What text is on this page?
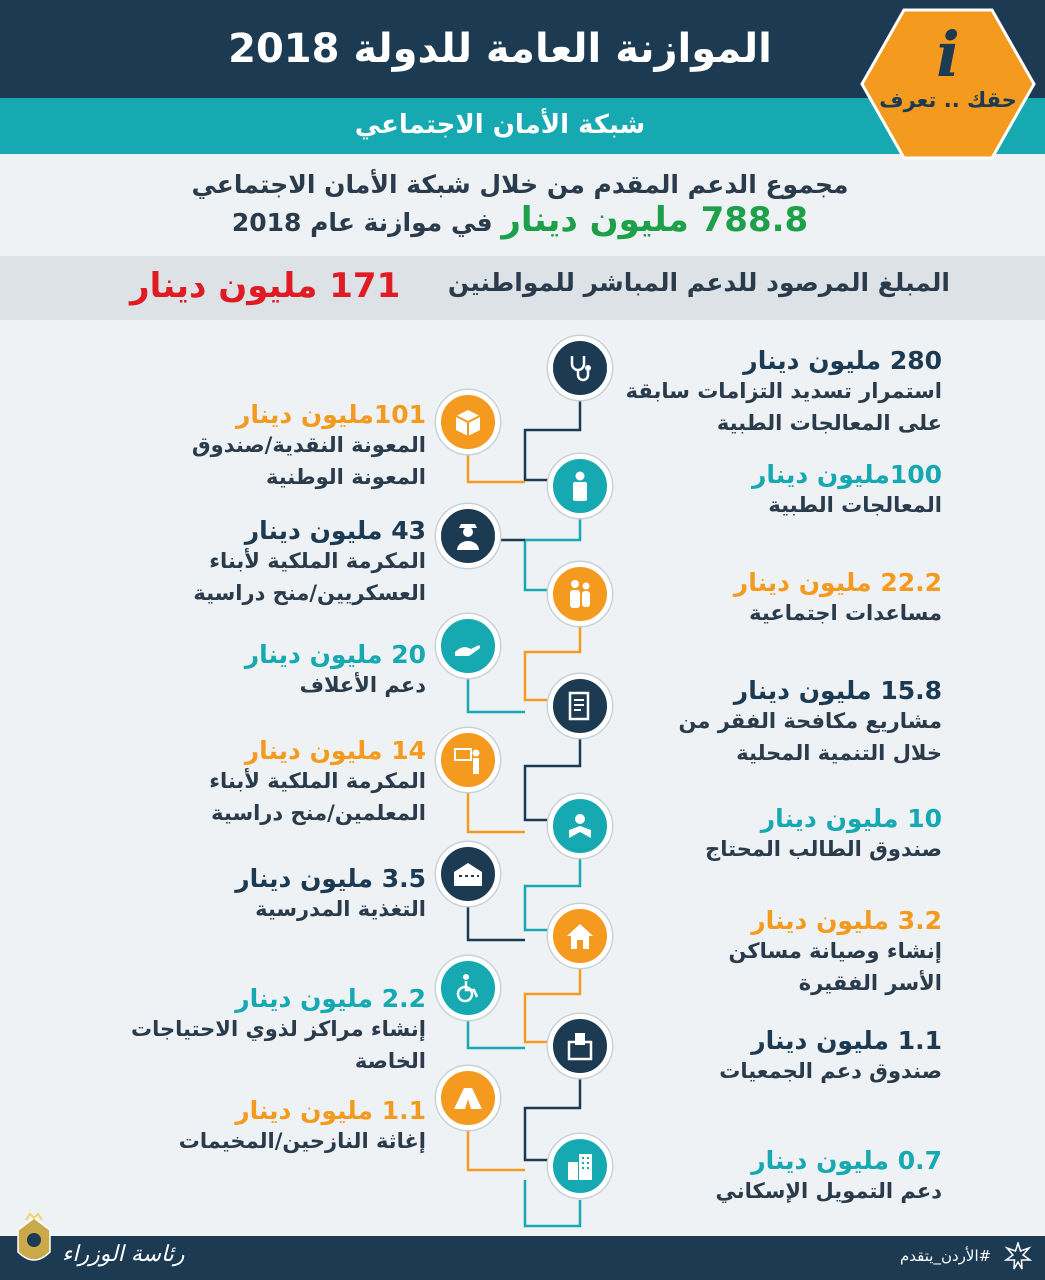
الموازنة العامة للدولة 2018
شبكة الأمان الاجتماعي
i
حقك .. تعرف
مجموع الدعم المقدم من خلال شبكة الأمان الاجتماعي
788.8 مليون دينار في موازنة عام 2018
المبلغ المرصود للدعم المباشر للمواطنين
171 مليون دينار
280 مليون دينار
استمرار تسديد التزامات سابقة على المعالجات الطبية
100مليون دينار
المعالجات الطبية
22.2 مليون دينار
مساعدات اجتماعية
15.8 مليون دينار
مشاريع مكافحة الفقر من خلال التنمية المحلية
10 مليون دينار
صندوق الطالب المحتاج
3.2 مليون دينار
إنشاء وصيانة مساكن الأسر الفقيرة
1.1 مليون دينار
صندوق دعم الجمعيات
0.7 مليون دينار
دعم التمويل الإسكاني
101مليون دينار
المعونة النقدية/صندوق المعونة الوطنية
43 مليون دينار
المكرمة الملكية لأبناء العسكريين/منح دراسية
20 مليون دينار
دعم الأعلاف
14 مليون دينار
المكرمة الملكية لأبناء المعلمين/منح دراسية
3.5 مليون دينار
التغذية المدرسية
2.2 مليون دينار
إنشاء مراكز لذوي الاحتياجات الخاصة
1.1 مليون دينار
إغاثة النازحين/المخيمات
رئاسة الوزراء	#الأردن_يتقدم
